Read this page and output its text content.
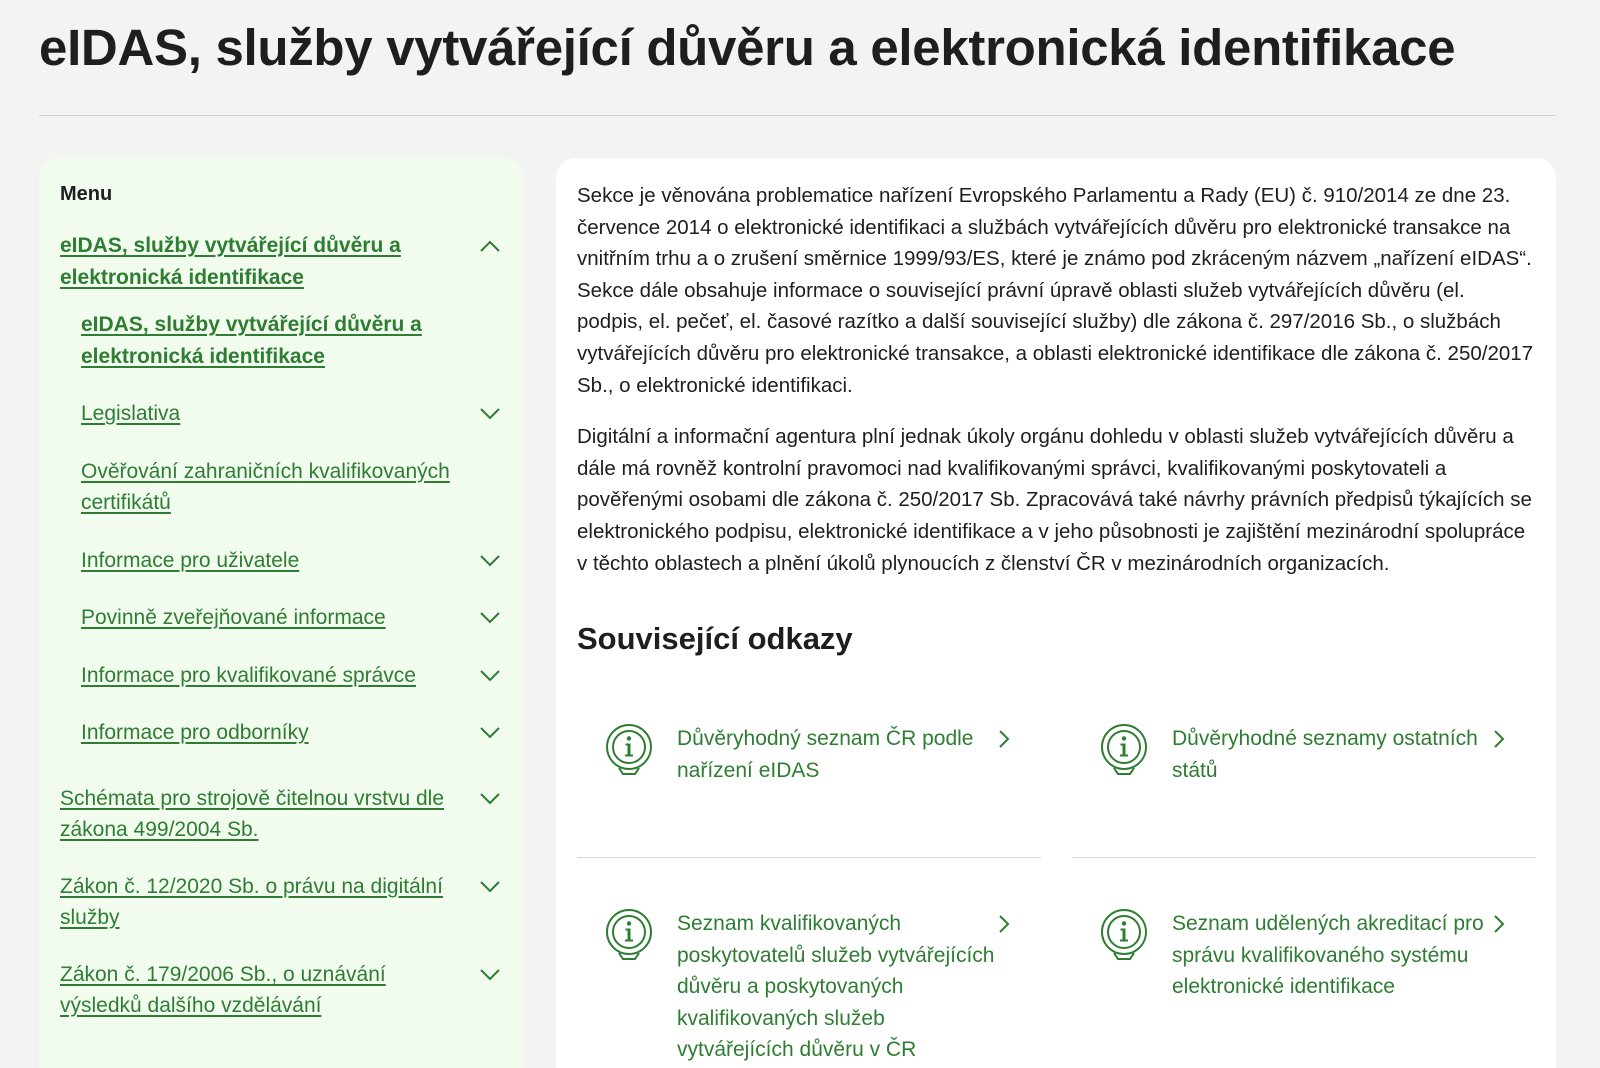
eIDAS, služby vytvářející důvěru a elektronická identifikace
Menu
eIDAS, služby vytvářející důvěru a elektronická identifikace
eIDAS, služby vytvářející důvěru a elektronická identifikace
Legislativa
Ověřování zahraničních kvalifikovaných certifikátů
Informace pro uživatele
Povinně zveřejňované informace
Informace pro kvalifikované správce
Informace pro odborníky
Schémata pro strojově čitelnou vrstvu dle zákona 499/2004 Sb.
Zákon č. 12/2020 Sb. o právu na digitální služby
Zákon č. 179/2006 Sb., o uznávání výsledků dalšího vzdělávání

Sekce je věnována problematice nařízení Evropského Parlamentu a Rady (EU) č. 910/2014 ze dne 23. července 2014 o elektronické identifikaci a službách vytvářejících důvěru pro elektronické transakce na vnitřním trhu a o zrušení směrnice 1999/93/ES, které je známo pod zkráceným názvem „nařízení eIDAS“. Sekce dále obsahuje informace o související právní úpravě oblasti služeb vytvářejících důvěru (el. podpis, el. pečeť, el. časové razítko a další související služby) dle zákona č. 297/2016 Sb., o službách vytvářejících důvěru pro elektronické transakce, a oblasti elektronické identifikace dle zákona č. 250/2017 Sb., o elektronické identifikaci.

Digitální a informační agentura plní jednak úkoly orgánu dohledu v oblasti služeb vytvářejících důvěru a dále má rovněž kontrolní pravomoci nad kvalifikovanými správci, kvalifikovanými poskytovateli a pověřenými osobami dle zákona č. 250/2017 Sb. Zpracovává také návrhy právních předpisů týkajících se elektronického podpisu, elektronické identifikace a v jeho působnosti je zajištění mezinárodní spolupráce v těchto oblastech a plnění úkolů plynoucích z členství ČR v mezinárodních organizacích.

Související odkazy
Důvěryhodný seznam ČR podle nařízení eIDAS
Důvěryhodné seznamy ostatních států
Seznam kvalifikovaných poskytovatelů služeb vytvářejících důvěru a poskytovaných kvalifikovaných služeb vytvářejících důvěru v ČR
Seznam udělených akreditací pro správu kvalifikovaného systému elektronické identifikace
